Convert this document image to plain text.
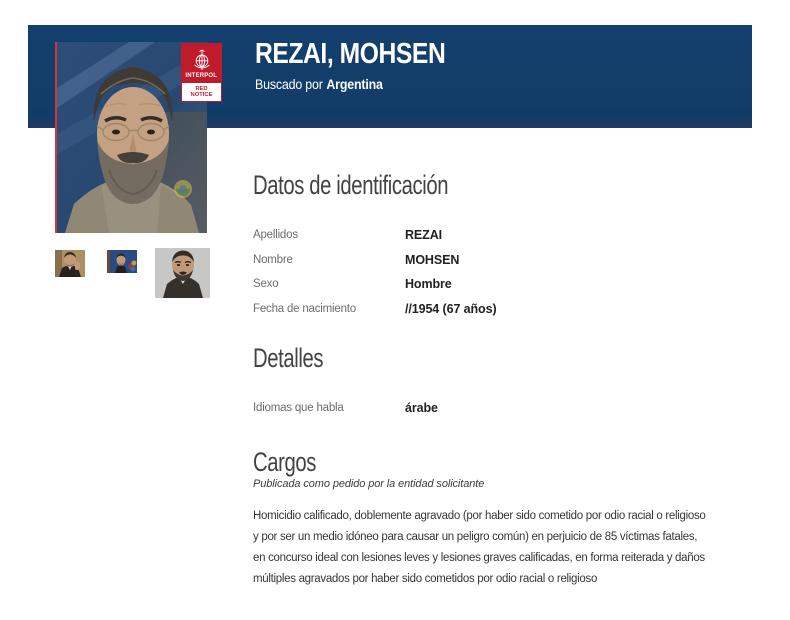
REZAI, MOHSEN
Buscado por Argentina
INTERPOL
RED
NOTICE
Datos de identificación
Apellidos	REZAI
Nombre	MOHSEN
Sexo	Hombre
Fecha de nacimiento	//1954 (67 años)
Detalles
Idiomas que habla	árabe
Cargos
Publicada como pedido por la entidad solicitante
Homicidio calificado, doblemente agravado (por haber sido cometido por odio racial o religioso y por ser un medio idóneo para causar un peligro común) en perjuicio de 85 víctimas fatales, en concurso ideal con lesiones leves y lesiones graves calificadas, en forma reiterada y daños múltiples agravados por haber sido cometidos por odio racial o religioso
